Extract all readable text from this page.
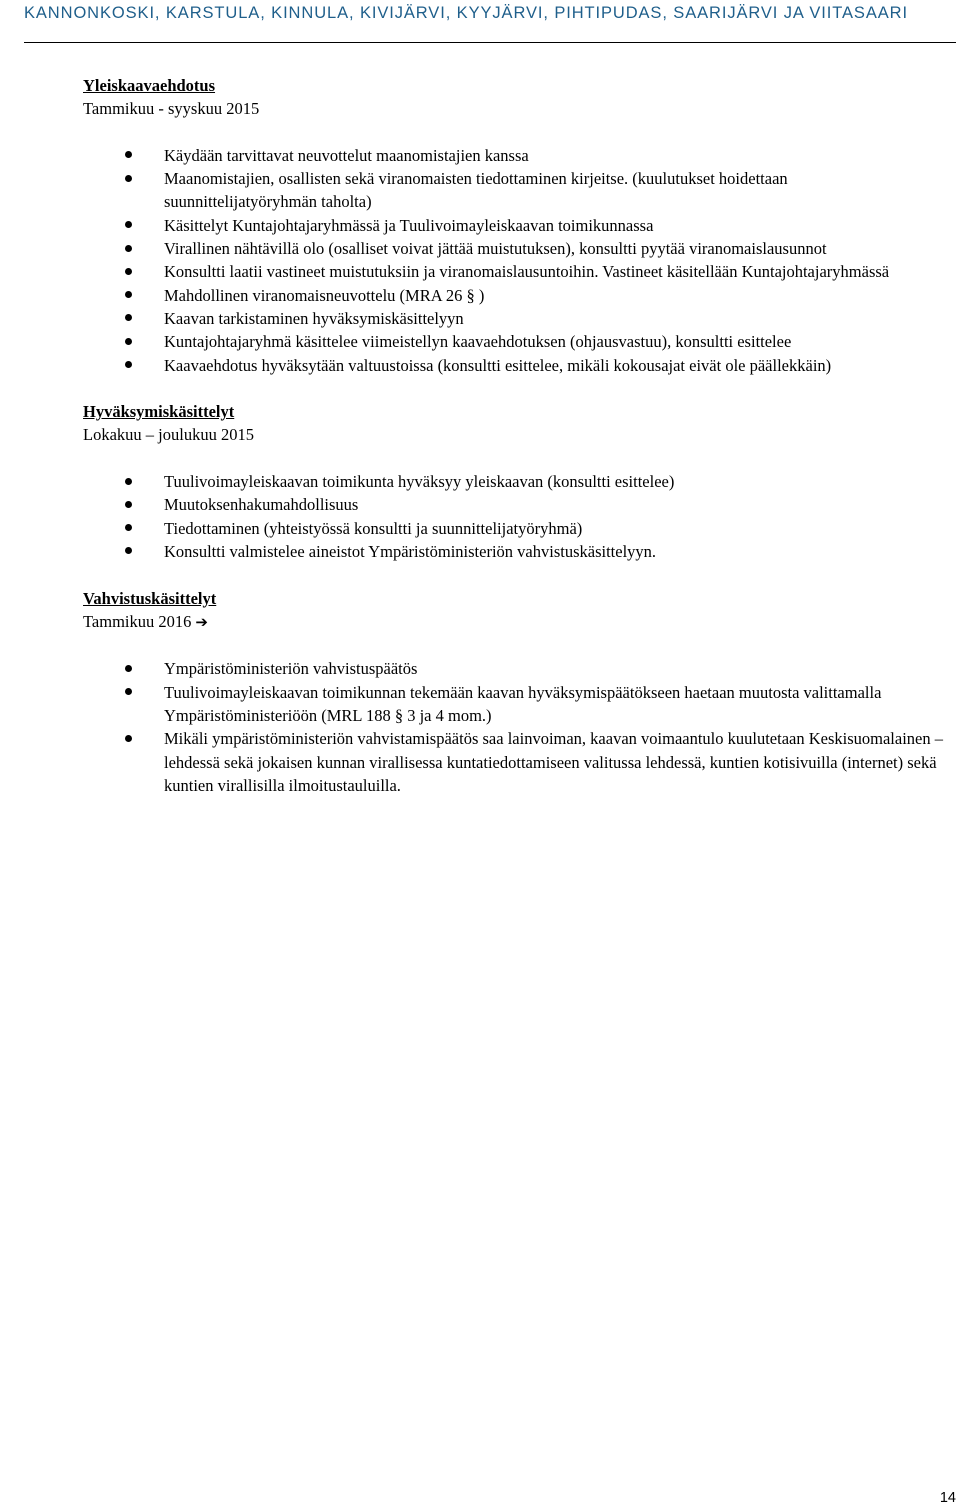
KANNONKOSKI, KARSTULA, KINNULA, KIVIJÄRVI, KYYJÄRVI, PIHTIPUDAS, SAARIJÄRVI JA VIITASAARI
Yleiskaavaehdotus
Tammikuu - syyskuu 2015
Käydään tarvittavat neuvottelut maanomistajien kanssa
Maanomistajien, osallisten sekä viranomaisten tiedottaminen kirjeitse. (kuulutukset hoidettaan suunnittelijatyöryhmän taholta)
Käsittelyt Kuntajohtajaryhmässä ja Tuulivoimayleiskaavan toimikunnassa
Virallinen nähtävillä olo (osalliset voivat jättää muistutuksen), konsultti pyytää viranomaislausunnot
Konsultti laatii vastineet muistutuksiin ja viranomaislausuntoihin. Vastineet käsitellään Kuntajohtajaryhmässä
Mahdollinen viranomaisneuvottelu (MRA 26 § )
Kaavan tarkistaminen hyväksymiskäsittelyyn
Kuntajohtajaryhmä käsittelee viimeistellyn kaavaehdotuksen (ohjausvastuu), konsultti esittelee
Kaavaehdotus hyväksytään valtuustoissa (konsultti esittelee, mikäli kokousajat eivät ole päällekkäin)
Hyväksymiskäsittelyt
Lokakuu – joulukuu 2015
Tuulivoimayleiskaavan toimikunta hyväksyy yleiskaavan (konsultti esittelee)
Muutoksenhakumahdollisuus
Tiedottaminen (yhteistyössä konsultti ja suunnittelijatyöryhmä)
Konsultti valmistelee aineistot Ympäristöministeriön vahvistuskäsittelyyn.
Vahvistuskäsittelyt
Tammikuu 2016 ➔
Ympäristöministeriön vahvistuspäätös
Tuulivoimayleiskaavan toimikunnan tekemään kaavan hyväksymispäätökseen haetaan muutosta valittamalla Ympäristöministeriöön (MRL 188 § 3 ja 4 mom.)
Mikäli ympäristöministeriön vahvistamispäätös saa lainvoiman, kaavan voimaantulo kuulutetaan Keskisuomalainen – lehdessä sekä jokaisen kunnan virallisessa kuntatiedottamiseen valitussa lehdessä, kuntien kotisivuilla (internet) sekä kuntien virallisilla ilmoitustauluilla.
14
